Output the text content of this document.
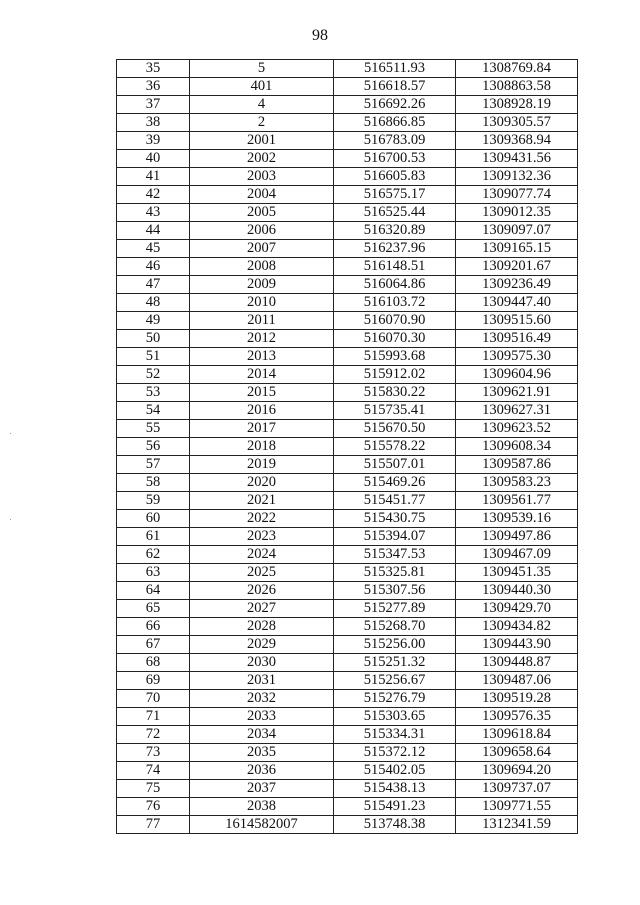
98
35	5	516511.93	1308769.84
36	401	516618.57	1308863.58
37	4	516692.26	1308928.19
38	2	516866.85	1309305.57
39	2001	516783.09	1309368.94
40	2002	516700.53	1309431.56
41	2003	516605.83	1309132.36
42	2004	516575.17	1309077.74
43	2005	516525.44	1309012.35
44	2006	516320.89	1309097.07
45	2007	516237.96	1309165.15
46	2008	516148.51	1309201.67
47	2009	516064.86	1309236.49
48	2010	516103.72	1309447.40
49	2011	516070.90	1309515.60
50	2012	516070.30	1309516.49
51	2013	515993.68	1309575.30
52	2014	515912.02	1309604.96
53	2015	515830.22	1309621.91
54	2016	515735.41	1309627.31
55	2017	515670.50	1309623.52
56	2018	515578.22	1309608.34
57	2019	515507.01	1309587.86
58	2020	515469.26	1309583.23
59	2021	515451.77	1309561.77
60	2022	515430.75	1309539.16
61	2023	515394.07	1309497.86
62	2024	515347.53	1309467.09
63	2025	515325.81	1309451.35
64	2026	515307.56	1309440.30
65	2027	515277.89	1309429.70
66	2028	515268.70	1309434.82
67	2029	515256.00	1309443.90
68	2030	515251.32	1309448.87
69	2031	515256.67	1309487.06
70	2032	515276.79	1309519.28
71	2033	515303.65	1309576.35
72	2034	515334.31	1309618.84
73	2035	515372.12	1309658.64
74	2036	515402.05	1309694.20
75	2037	515438.13	1309737.07
76	2038	515491.23	1309771.55
77	1614582007	513748.38	1312341.59
